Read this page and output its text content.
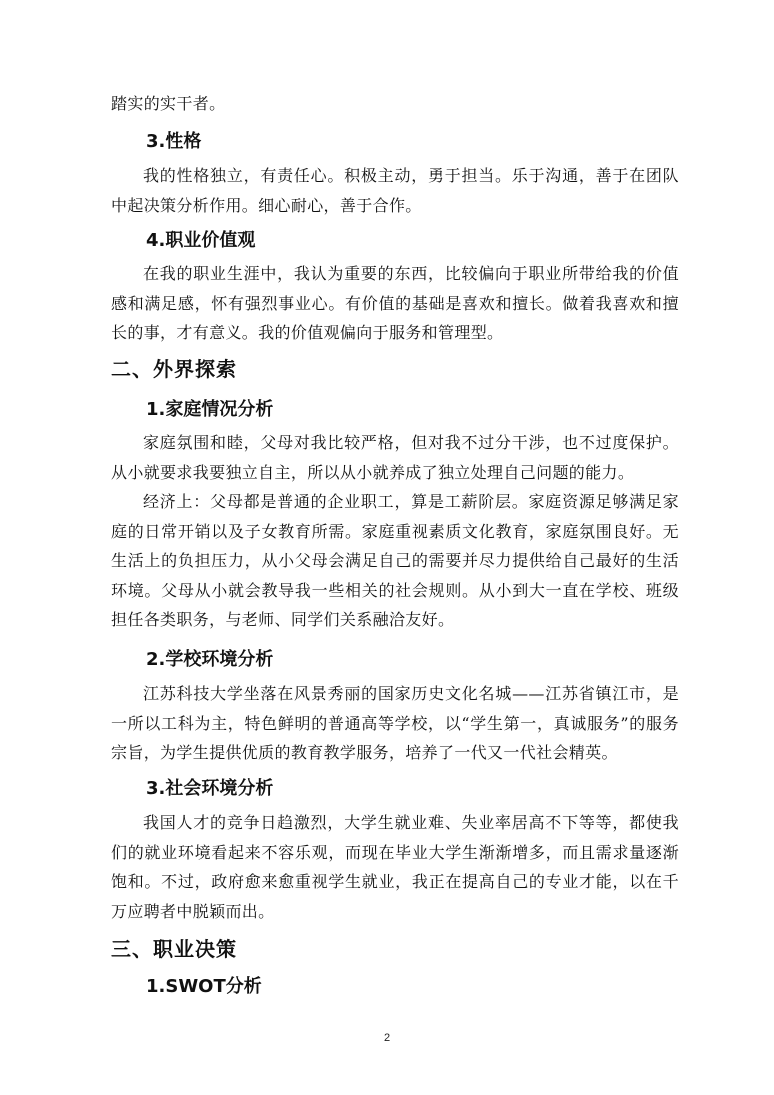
踏实的实干者。

3.性格

我的性格独立，有责任心。积极主动，勇于担当。乐于沟通，善于在团队中起决策分析作用。细心耐心，善于合作。

4.职业价值观

在我的职业生涯中，我认为重要的东西，比较偏向于职业所带给我的价值感和满足感，怀有强烈事业心。有价值的基础是喜欢和擅长。做着我喜欢和擅长的事，才有意义。我的价值观偏向于服务和管理型。

二、外界探索
1.家庭情况分析

家庭氛围和睦，父母对我比较严格，但对我不过分干涉，也不过度保护。从小就要求我要独立自主，所以从小就养成了独立处理自己问题的能力。

经济上：父母都是普通的企业职工，算是工薪阶层。家庭资源足够满足家庭的日常开销以及子女教育所需。家庭重视素质文化教育，家庭氛围良好。无生活上的负担压力，从小父母会满足自己的需要并尽力提供给自己最好的生活环境。父母从小就会教导我一些相关的社会规则。从小到大一直在学校、班级担任各类职务，与老师、同学们关系融洽友好。

2.学校环境分析

江苏科技大学坐落在风景秀丽的国家历史文化名城——江苏省镇江市，是一所以工科为主，特色鲜明的普通高等学校，以“学生第一，真诚服务”的服务宗旨，为学生提供优质的教育教学服务，培养了一代又一代社会精英。

3.社会环境分析

我国人才的竞争日趋激烈，大学生就业难、失业率居高不下等等，都使我们的就业环境看起来不容乐观，而现在毕业大学生渐渐增多，而且需求量逐渐饱和。不过，政府愈来愈重视学生就业，我正在提高自己的专业才能，以在千万应聘者中脱颖而出。

三、职业决策
1.SWOT分析
2
